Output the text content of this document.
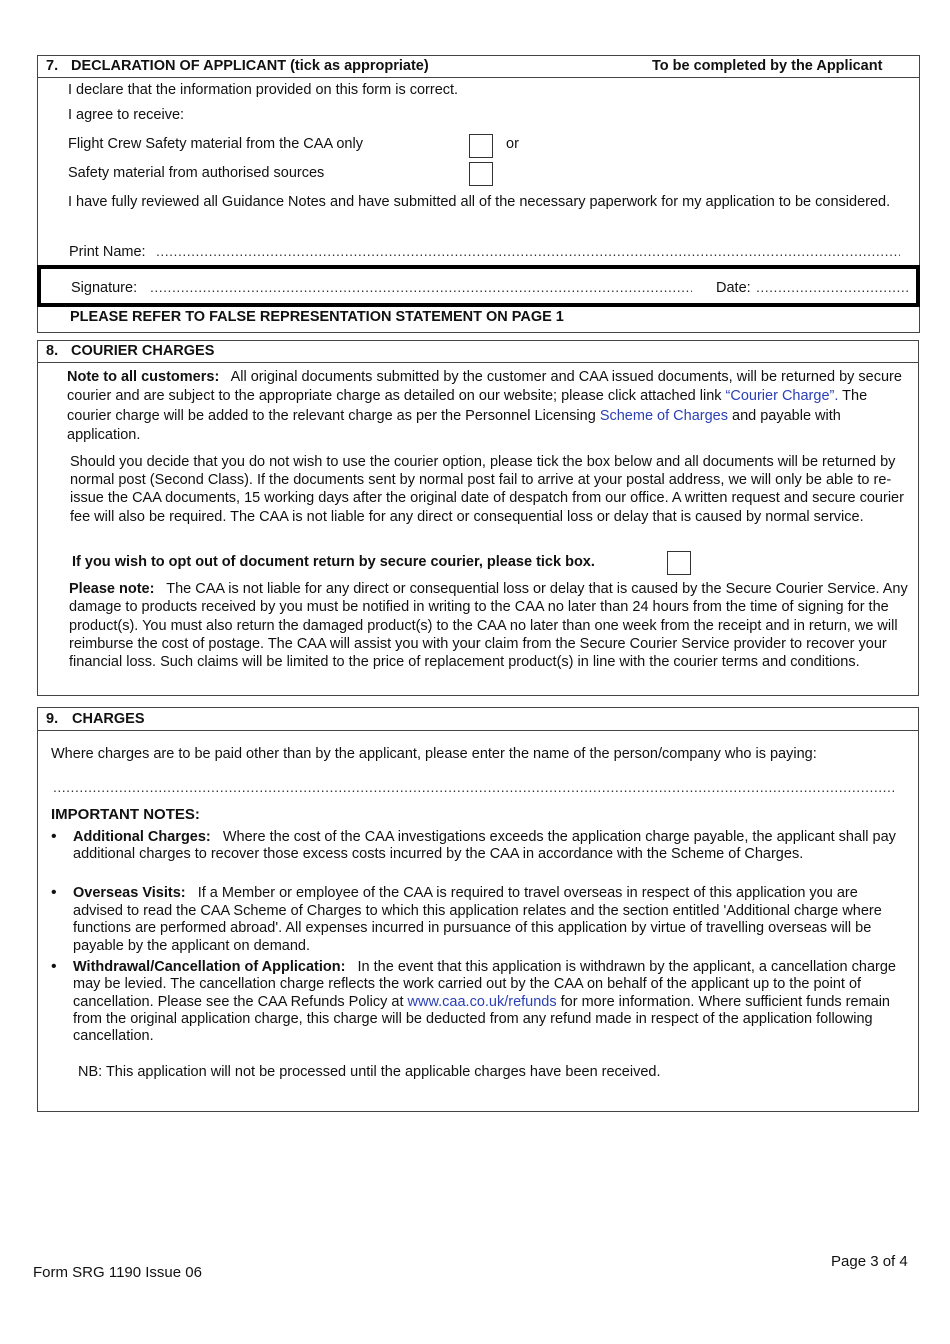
7. DECLARATION OF APPLICANT (tick as appropriate)	To be completed by the Applicant
I declare that the information provided on this form is correct.
I agree to receive:
Flight Crew Safety material from the CAA only	or
Safety material from authorised sources
I have fully reviewed all Guidance Notes and have submitted all of the necessary paperwork for my application to be considered.
Print Name:
.....
Signature:
.....	Date:
.....
PLEASE REFER TO FALSE REPRESENTATION STATEMENT ON PAGE 1
8. COURIER CHARGES
Note to all customers: All original documents submitted by the customer and CAA issued documents, will be returned by secure courier and are subject to the appropriate charge as detailed on our website; please click attached link “Courier Charge”. The courier charge will be added to the relevant charge as per the Personnel Licensing Scheme of Charges and payable with application.
Should you decide that you do not wish to use the courier option, please tick the box below and all documents will be returned by normal post (Second Class). If the documents sent by normal post fail to arrive at your postal address, we will only be able to re-issue the CAA documents, 15 working days after the original date of despatch from our office. A written request and secure courier fee will also be required. The CAA is not liable for any direct or consequential loss or delay that is caused by normal service.
If you wish to opt out of document return by secure courier, please tick box.
Please note: The CAA is not liable for any direct or consequential loss or delay that is caused by the Secure Courier Service. Any damage to products received by you must be notified in writing to the CAA no later than 24 hours from the time of signing for the product(s). You must also return the damaged product(s) to the CAA no later than one week from the receipt and in return, we will reimburse the cost of postage. The CAA will assist you with your claim from the Secure Courier Service provider to recover your financial loss. Such claims will be limited to the price of replacement product(s) in line with the courier terms and conditions.
9. CHARGES
Where charges are to be paid other than by the applicant, please enter the name of the person/company who is paying:
.....
IMPORTANT NOTES:
• Additional Charges: Where the cost of the CAA investigations exceeds the application charge payable, the applicant shall pay additional charges to recover those excess costs incurred by the CAA in accordance with the Scheme of Charges.
• Overseas Visits: If a Member or employee of the CAA is required to travel overseas in respect of this application you are advised to read the CAA Scheme of Charges to which this application relates and the section entitled 'Additional charge where functions are performed abroad'. All expenses incurred in pursuance of this application by virtue of travelling overseas will be payable by the applicant on demand.
• Withdrawal/Cancellation of Application: In the event that this application is withdrawn by the applicant, a cancellation charge may be levied. The cancellation charge reflects the work carried out by the CAA on behalf of the applicant up to the point of cancellation. Please see the CAA Refunds Policy at www.caa.co.uk/refunds for more information. Where sufficient funds remain from the original application charge, this charge will be deducted from any refund made in respect of the application following cancellation.
NB: This application will not be processed until the applicable charges have been received.
Form SRG 1190 Issue 06
Page 3 of 4
